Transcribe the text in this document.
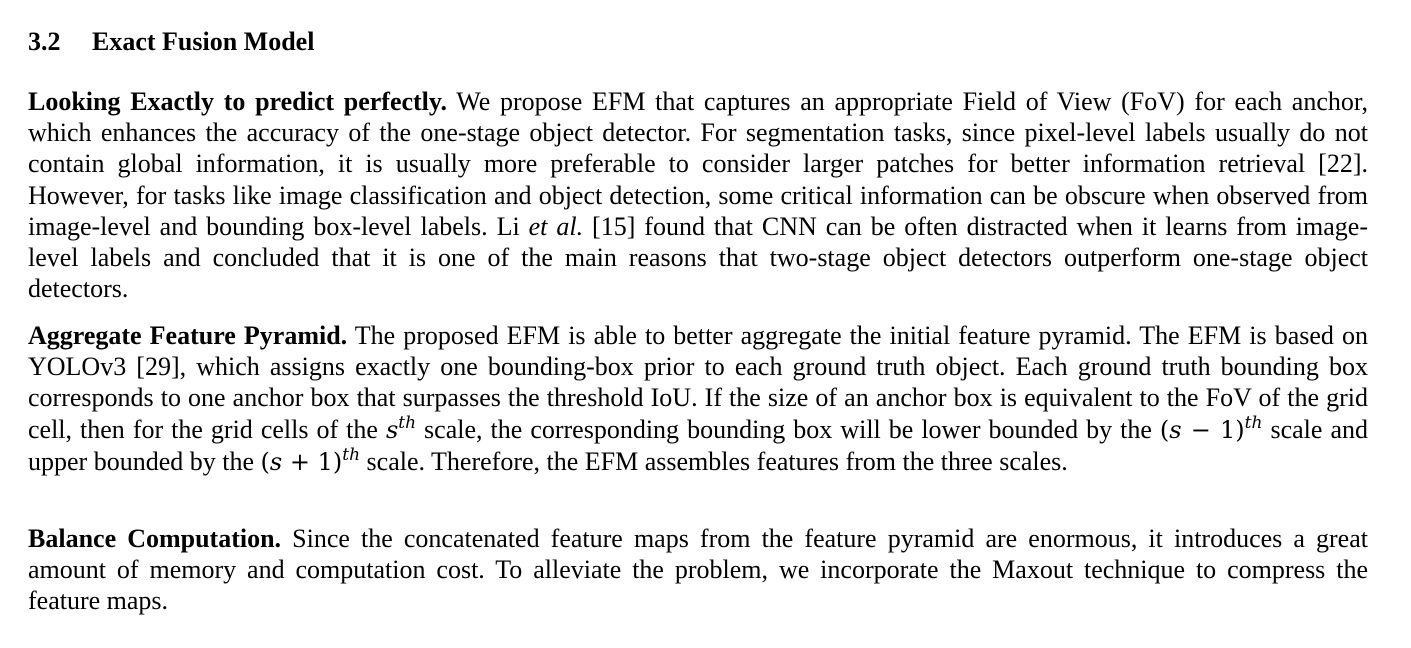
3.2 Exact Fusion Model

Looking Exactly to predict perfectly. We propose EFM that captures an appropriate Field of View (FoV) for each anchor, which enhances the accuracy of the one-stage object detector. For segmentation tasks, since pixel-level labels usually do not contain global information, it is usually more preferable to consider larger patches for better information retrieval [22]. However, for tasks like image classification and object detection, some critical information can be obscure when observed from image-level and bounding box-level labels. Li et al. [15] found that CNN can be often distracted when it learns from image-level labels and concluded that it is one of the main reasons that two-stage object detectors outperform one-stage object detectors.

Aggregate Feature Pyramid. The proposed EFM is able to better aggregate the initial feature pyramid. The EFM is based on YOLOv3 [29], which assigns exactly one bounding-box prior to each ground truth object. Each ground truth bounding box corresponds to one anchor box that surpasses the threshold IoU. If the size of an anchor box is equivalent to the FoV of the grid cell, then for the grid cells of the $s^{th}$ scale, the corresponding bounding box will be lower bounded by the $(s - 1)^{th}$ scale and upper bounded by the $(s + 1)^{th}$ scale. Therefore, the EFM assembles features from the three scales.

Balance Computation. Since the concatenated feature maps from the feature pyramid are enormous, it introduces a great amount of memory and computation cost. To alleviate the problem, we incorporate the Maxout technique to compress the feature maps.
